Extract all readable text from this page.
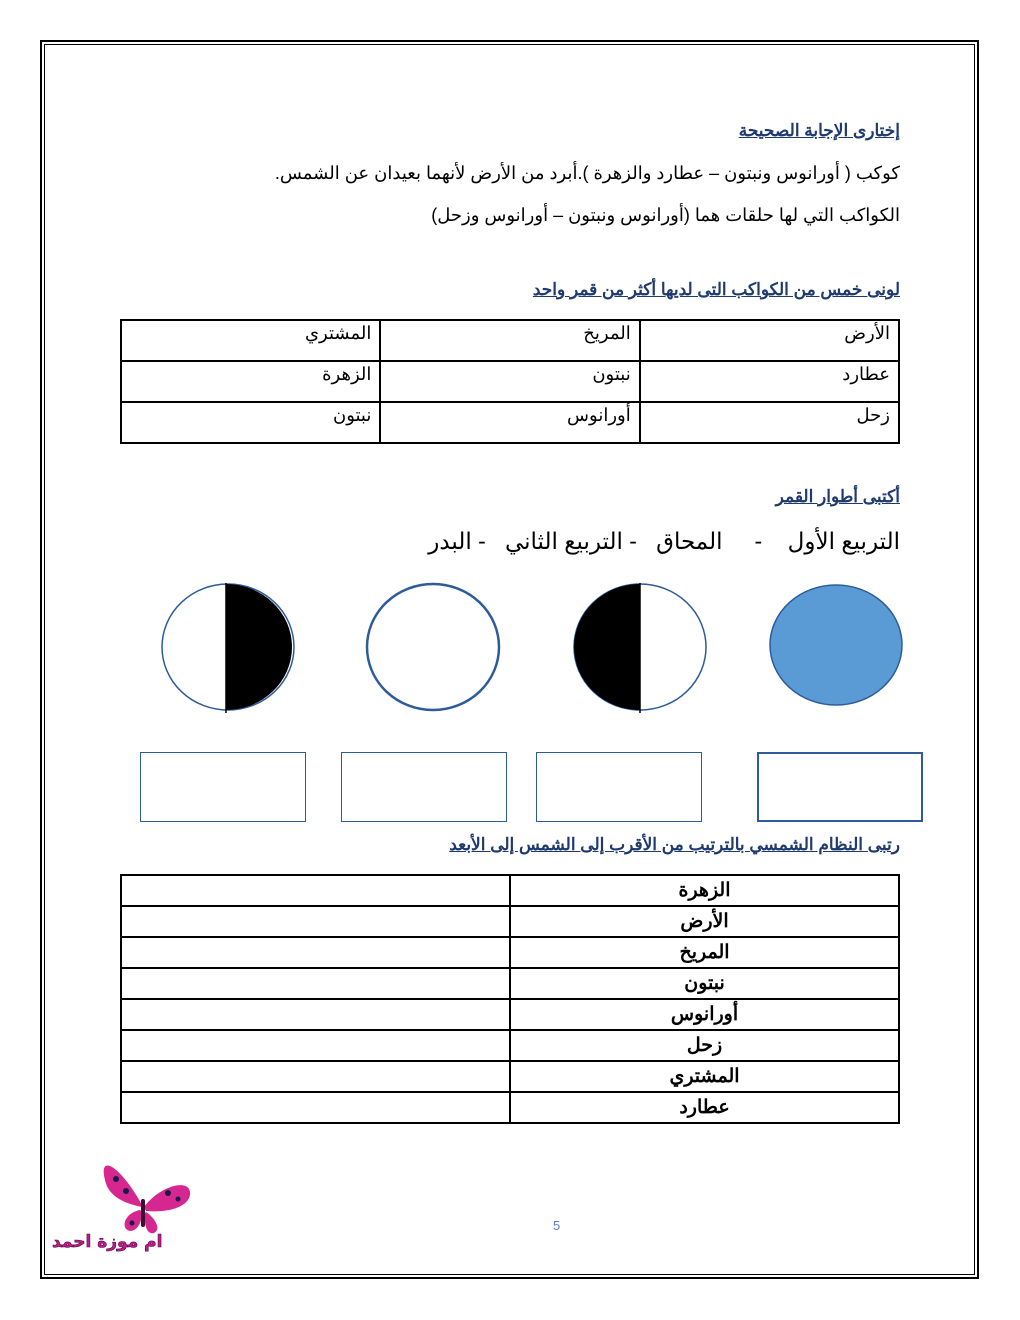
إختارى الإجابة الصحيحة
كوكب ( أورانوس ونبتون – عطارد والزهرة ).أبرد من الأرض لأنهما بعيدان عن الشمس.
الكواكب التي لها حلقات هما (أورانوس ونبتون – أورانوس وزحل)
لونى خمس من الكواكب التى لديها أكثر من قمر واحد
الأرض	المريخ	المشتري
عطارد	نبتون	الزهرة
زحل	أورانوس	نبتون
أكتبى أطوار القمر
التربيع الأول    -     المحاق   - التربيع الثاني   - البدر
رتبى النظام الشمسي بالترتيب من الأقرب إلى الشمس إلى الأبعد
الزهرة	
الأرض	
المريخ	
نبتون	
أورانوس	
زحل	
المشتري	
عطارد	
ام موزة احمد
5
